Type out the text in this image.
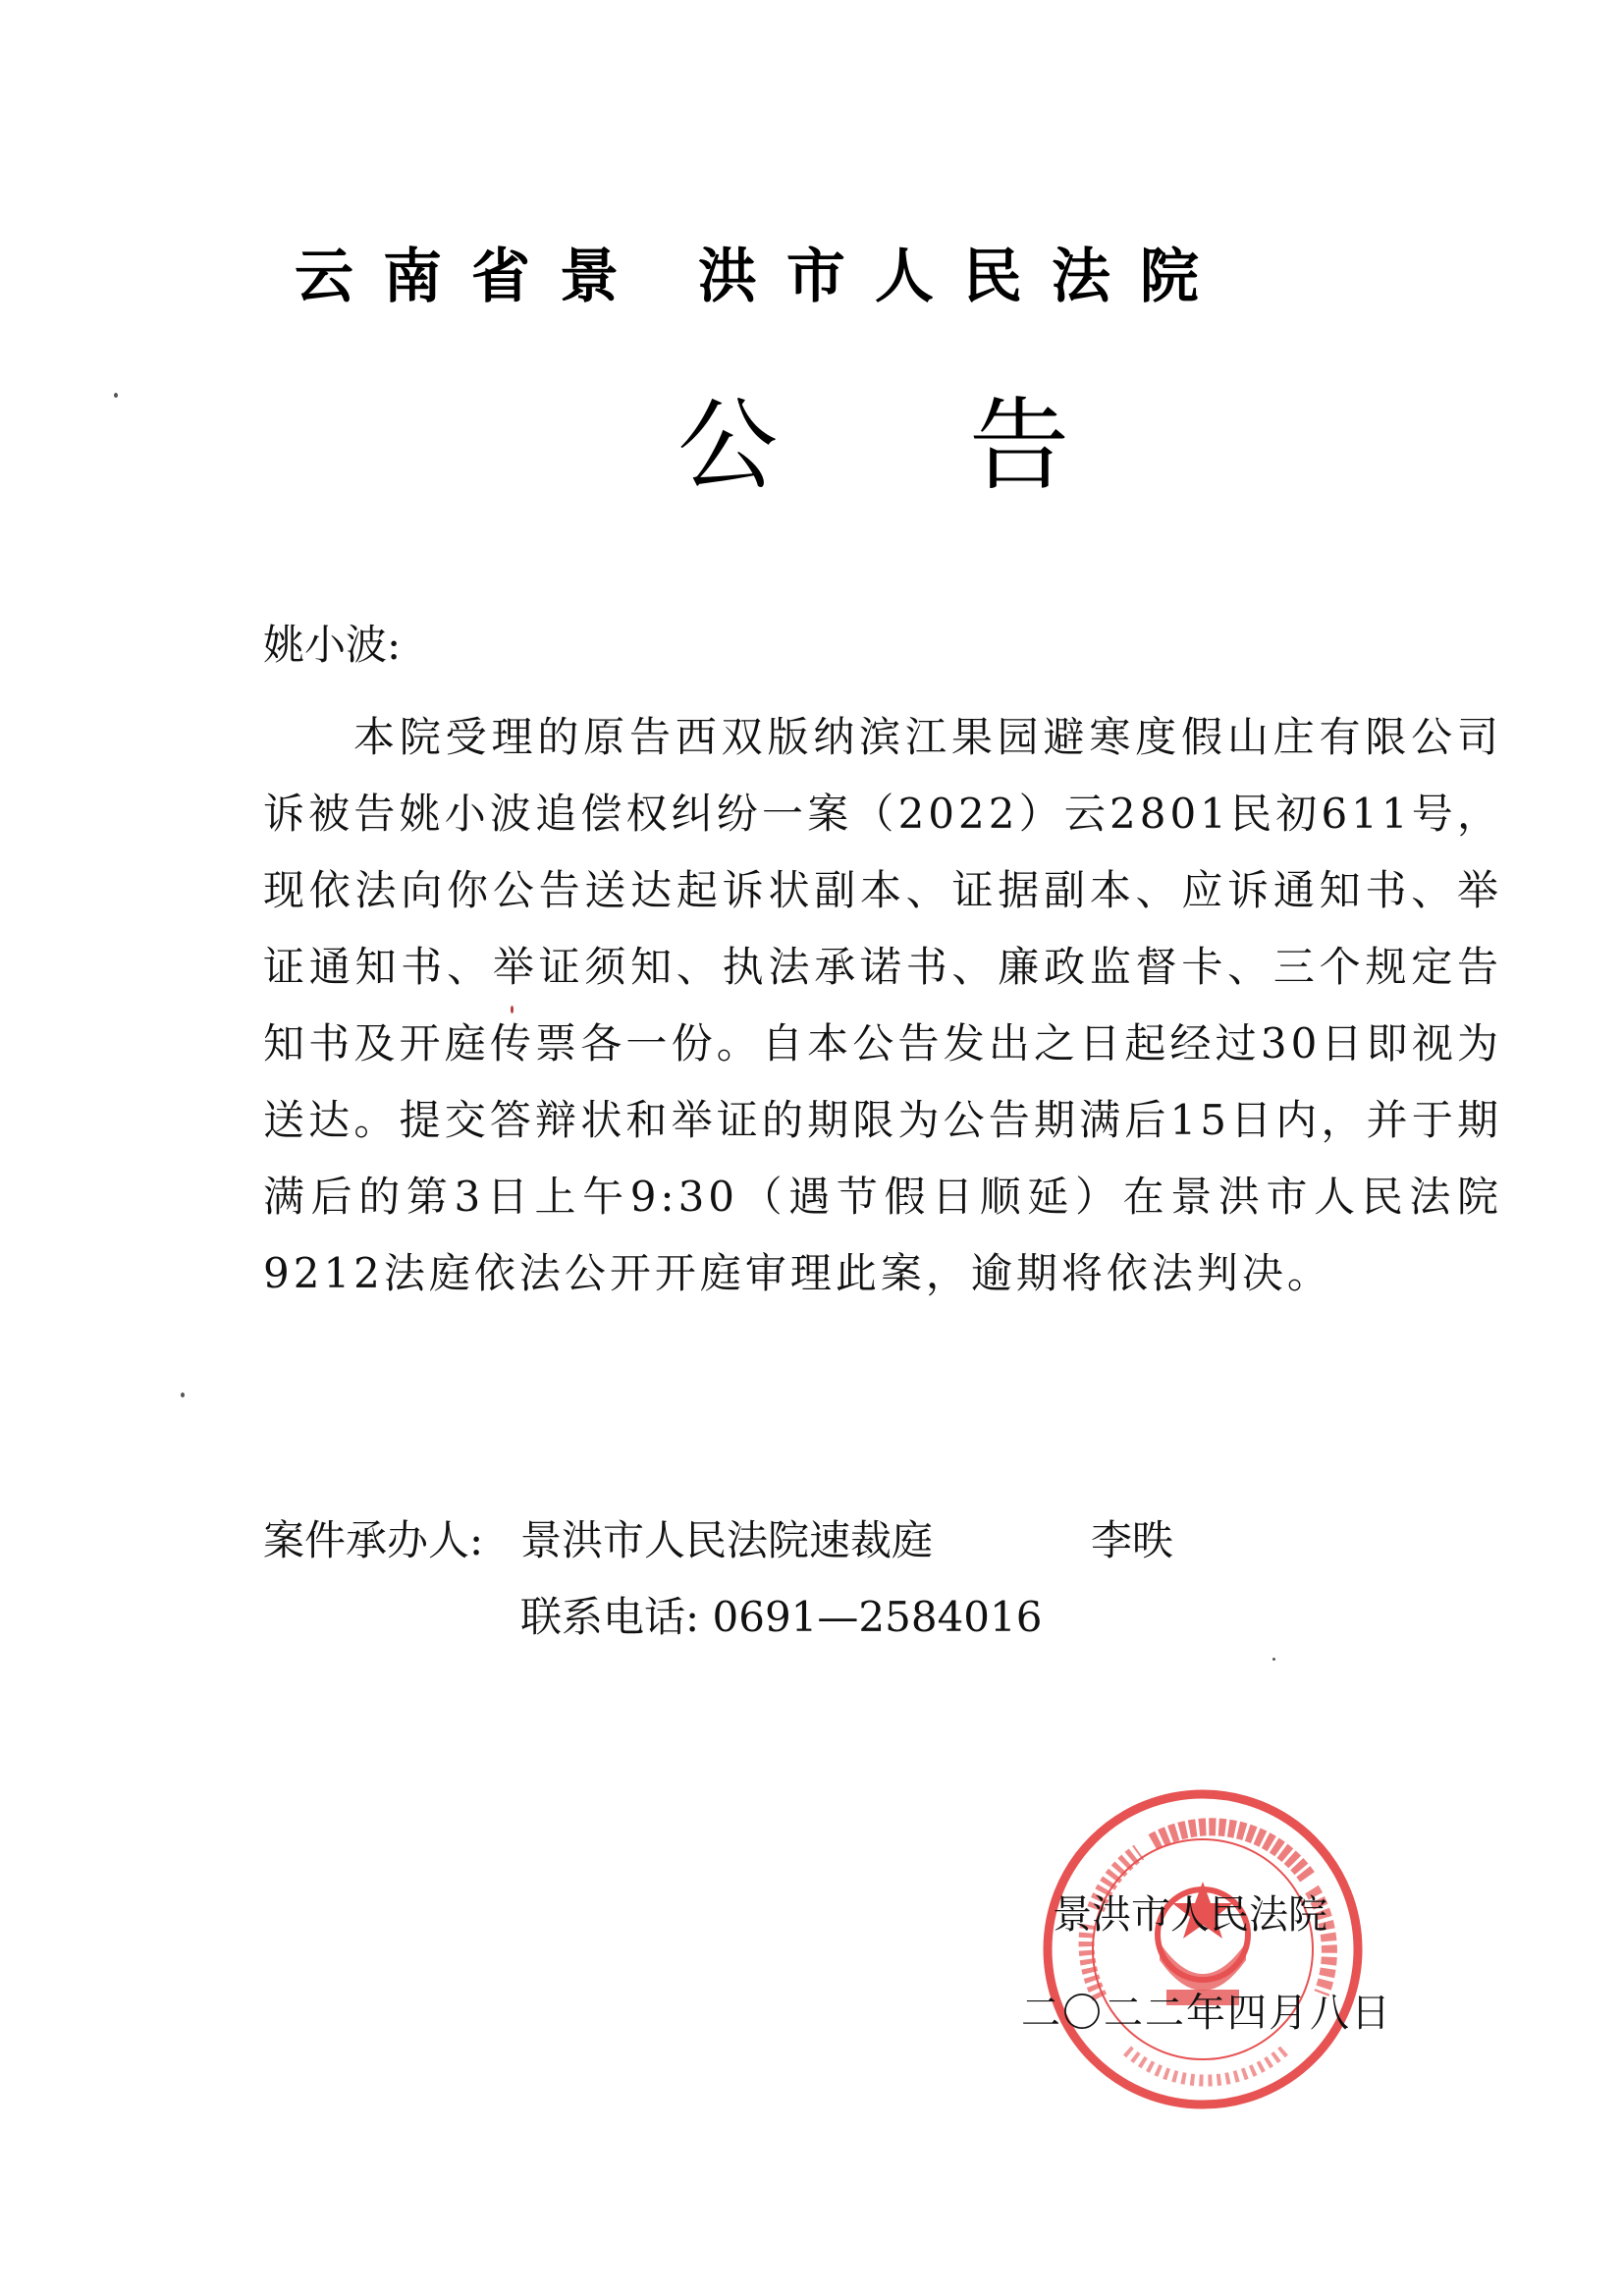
云南省景 洪市人民法院
公告
姚小波:

本院受理的原告西双版纳滨江果园避寒度假山庄有限公司诉被告姚小波追偿权纠纷一案（2022）云2801民初611号，现依法向你公告送达起诉状副本、证据副本、应诉通知书、举证通知书、举证须知、执法承诺书、廉政监督卡、三个规定告知书及开庭传票各一份。自本公告发出之日起经过30日即视为送达。提交答辩状和举证的期限为公告期满后15日内，并于期满后的第3日上午9:30（遇节假日顺延）在景洪市人民法院9212法庭依法公开开庭审理此案，逾期将依法判决。

案件承办人: 景洪市人民法院速裁庭	李昳
联系电话: 0691—2584016
景洪市人民法院
二〇二二年四月八日
